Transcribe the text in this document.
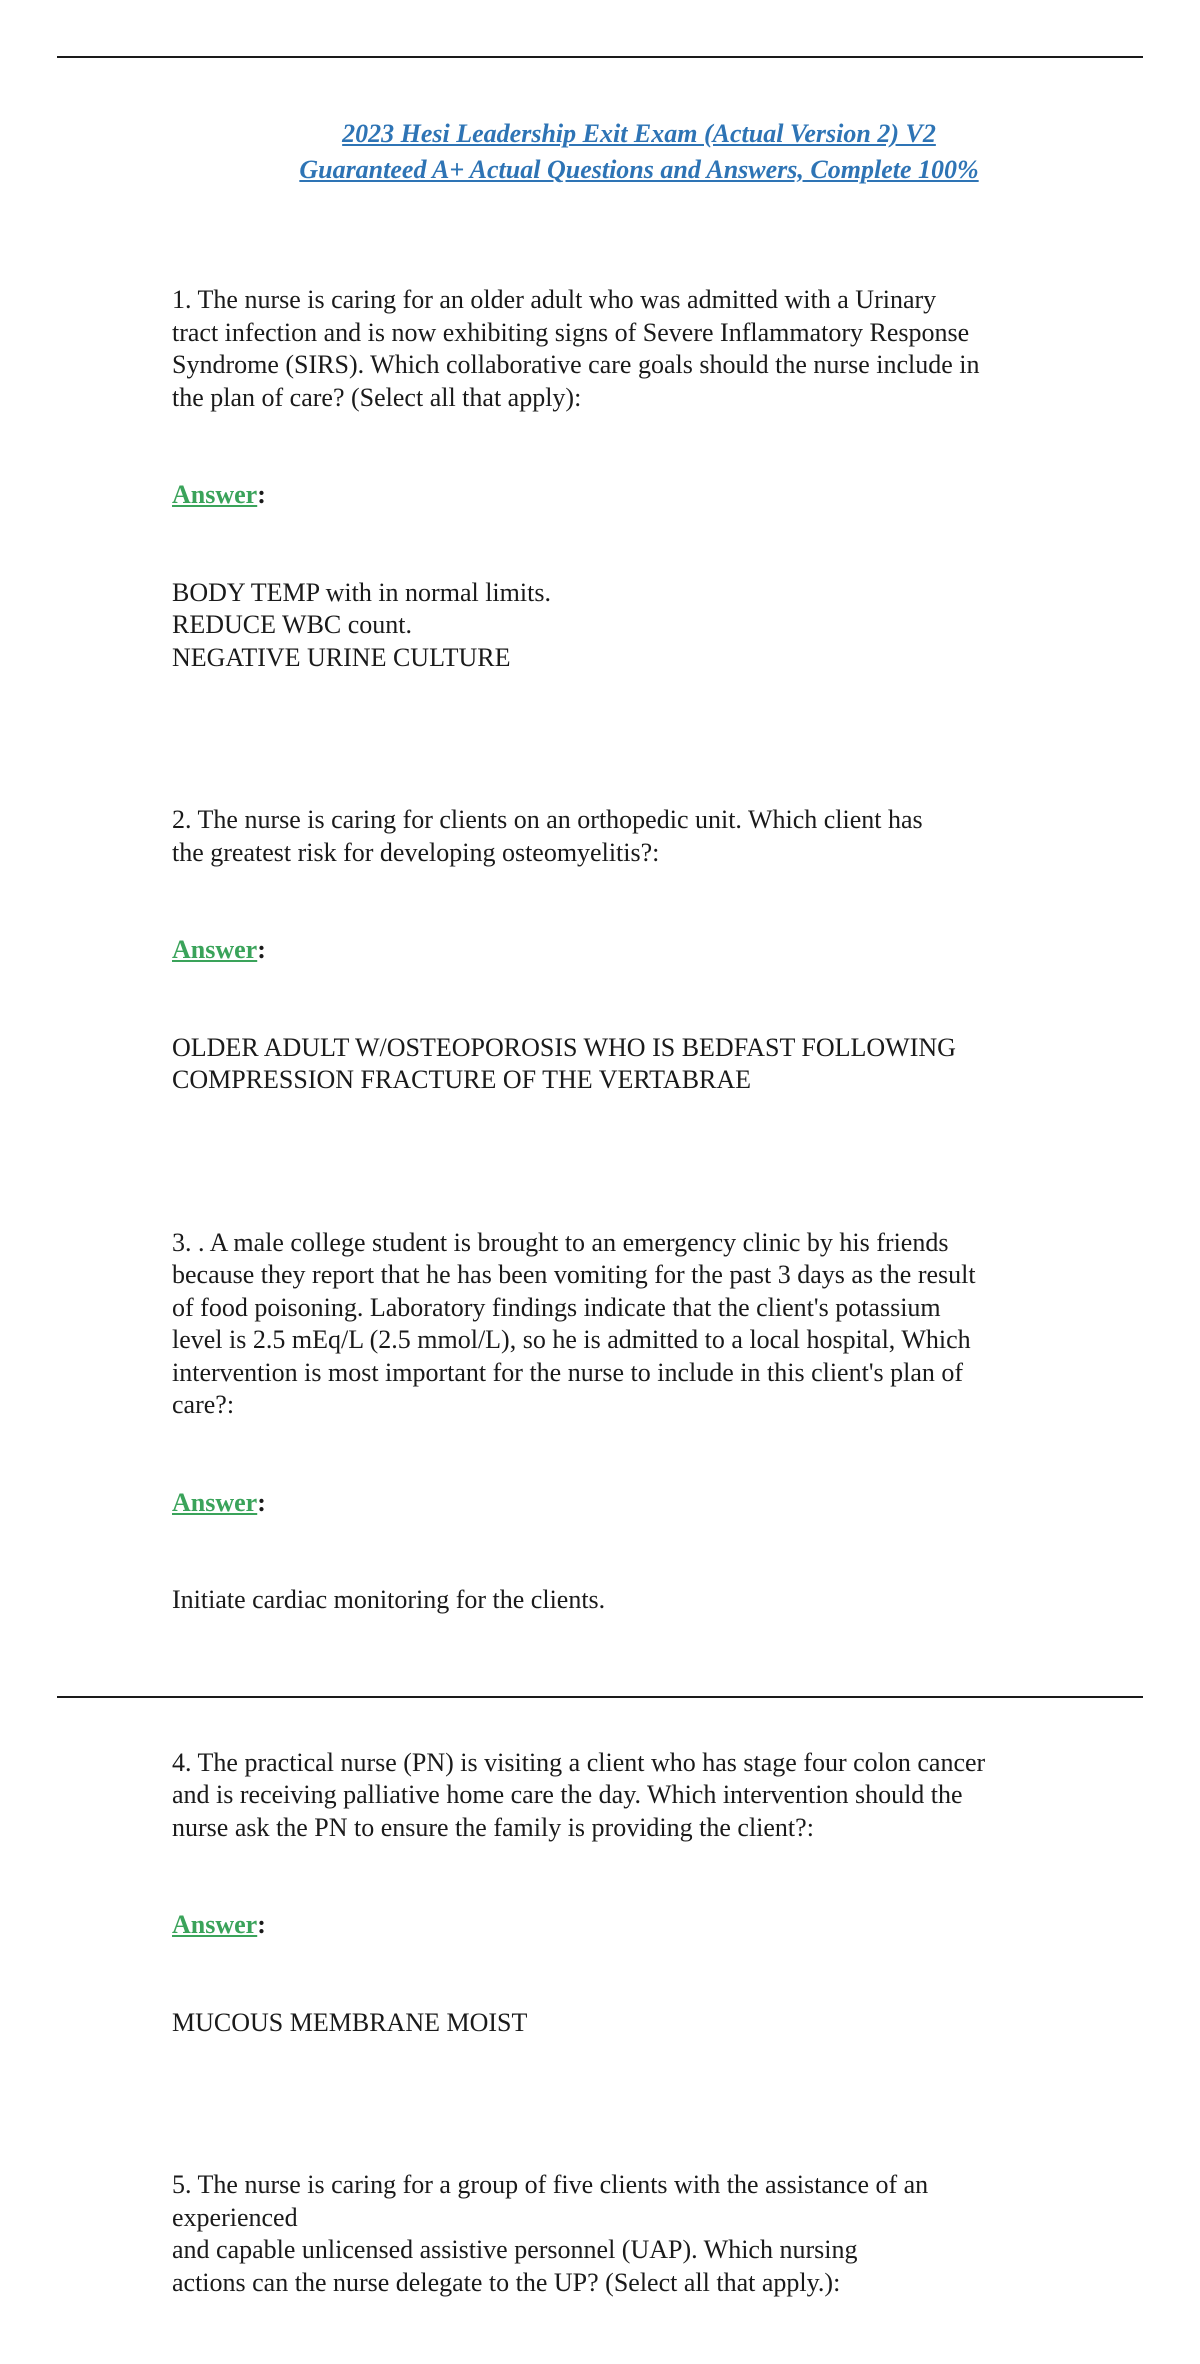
2023 Hesi Leadership Exit Exam (Actual Version 2) V2
Guaranteed A+ Actual Questions and Answers, Complete 100%

1. The nurse is caring for an older adult who was admitted with a Urinary
tract infection and is now exhibiting signs of Severe Inflammatory Response
Syndrome (SIRS). Which collaborative care goals should the nurse include in
the plan of care? (Select all that apply):

Answer:

BODY TEMP with in normal limits.
REDUCE WBC count.
NEGATIVE URINE CULTURE

2. The nurse is caring for clients on an orthopedic unit. Which client has
the greatest risk for developing osteomyelitis?:

Answer:

OLDER ADULT W/OSTEOPOROSIS WHO IS BEDFAST FOLLOWING
COMPRESSION FRACTURE OF THE VERTABRAE

3. . A male college student is brought to an emergency clinic by his friends
because they report that he has been vomiting for the past 3 days as the result
of food poisoning. Laboratory findings indicate that the client's potassium
level is 2.5 mEq/L (2.5 mmol/L), so he is admitted to a local hospital, Which
intervention is most important for the nurse to include in this client's plan of
care?:

Answer:

Initiate cardiac monitoring for the clients.

4. The practical nurse (PN) is visiting a client who has stage four colon cancer
and is receiving palliative home care the day. Which intervention should the
nurse ask the PN to ensure the family is providing the client?:

Answer:

MUCOUS MEMBRANE MOIST

5. The nurse is caring for a group of five clients with the assistance of an
experienced
and capable unlicensed assistive personnel (UAP). Which nursing
actions can the nurse delegate to the UP? (Select all that apply.):
